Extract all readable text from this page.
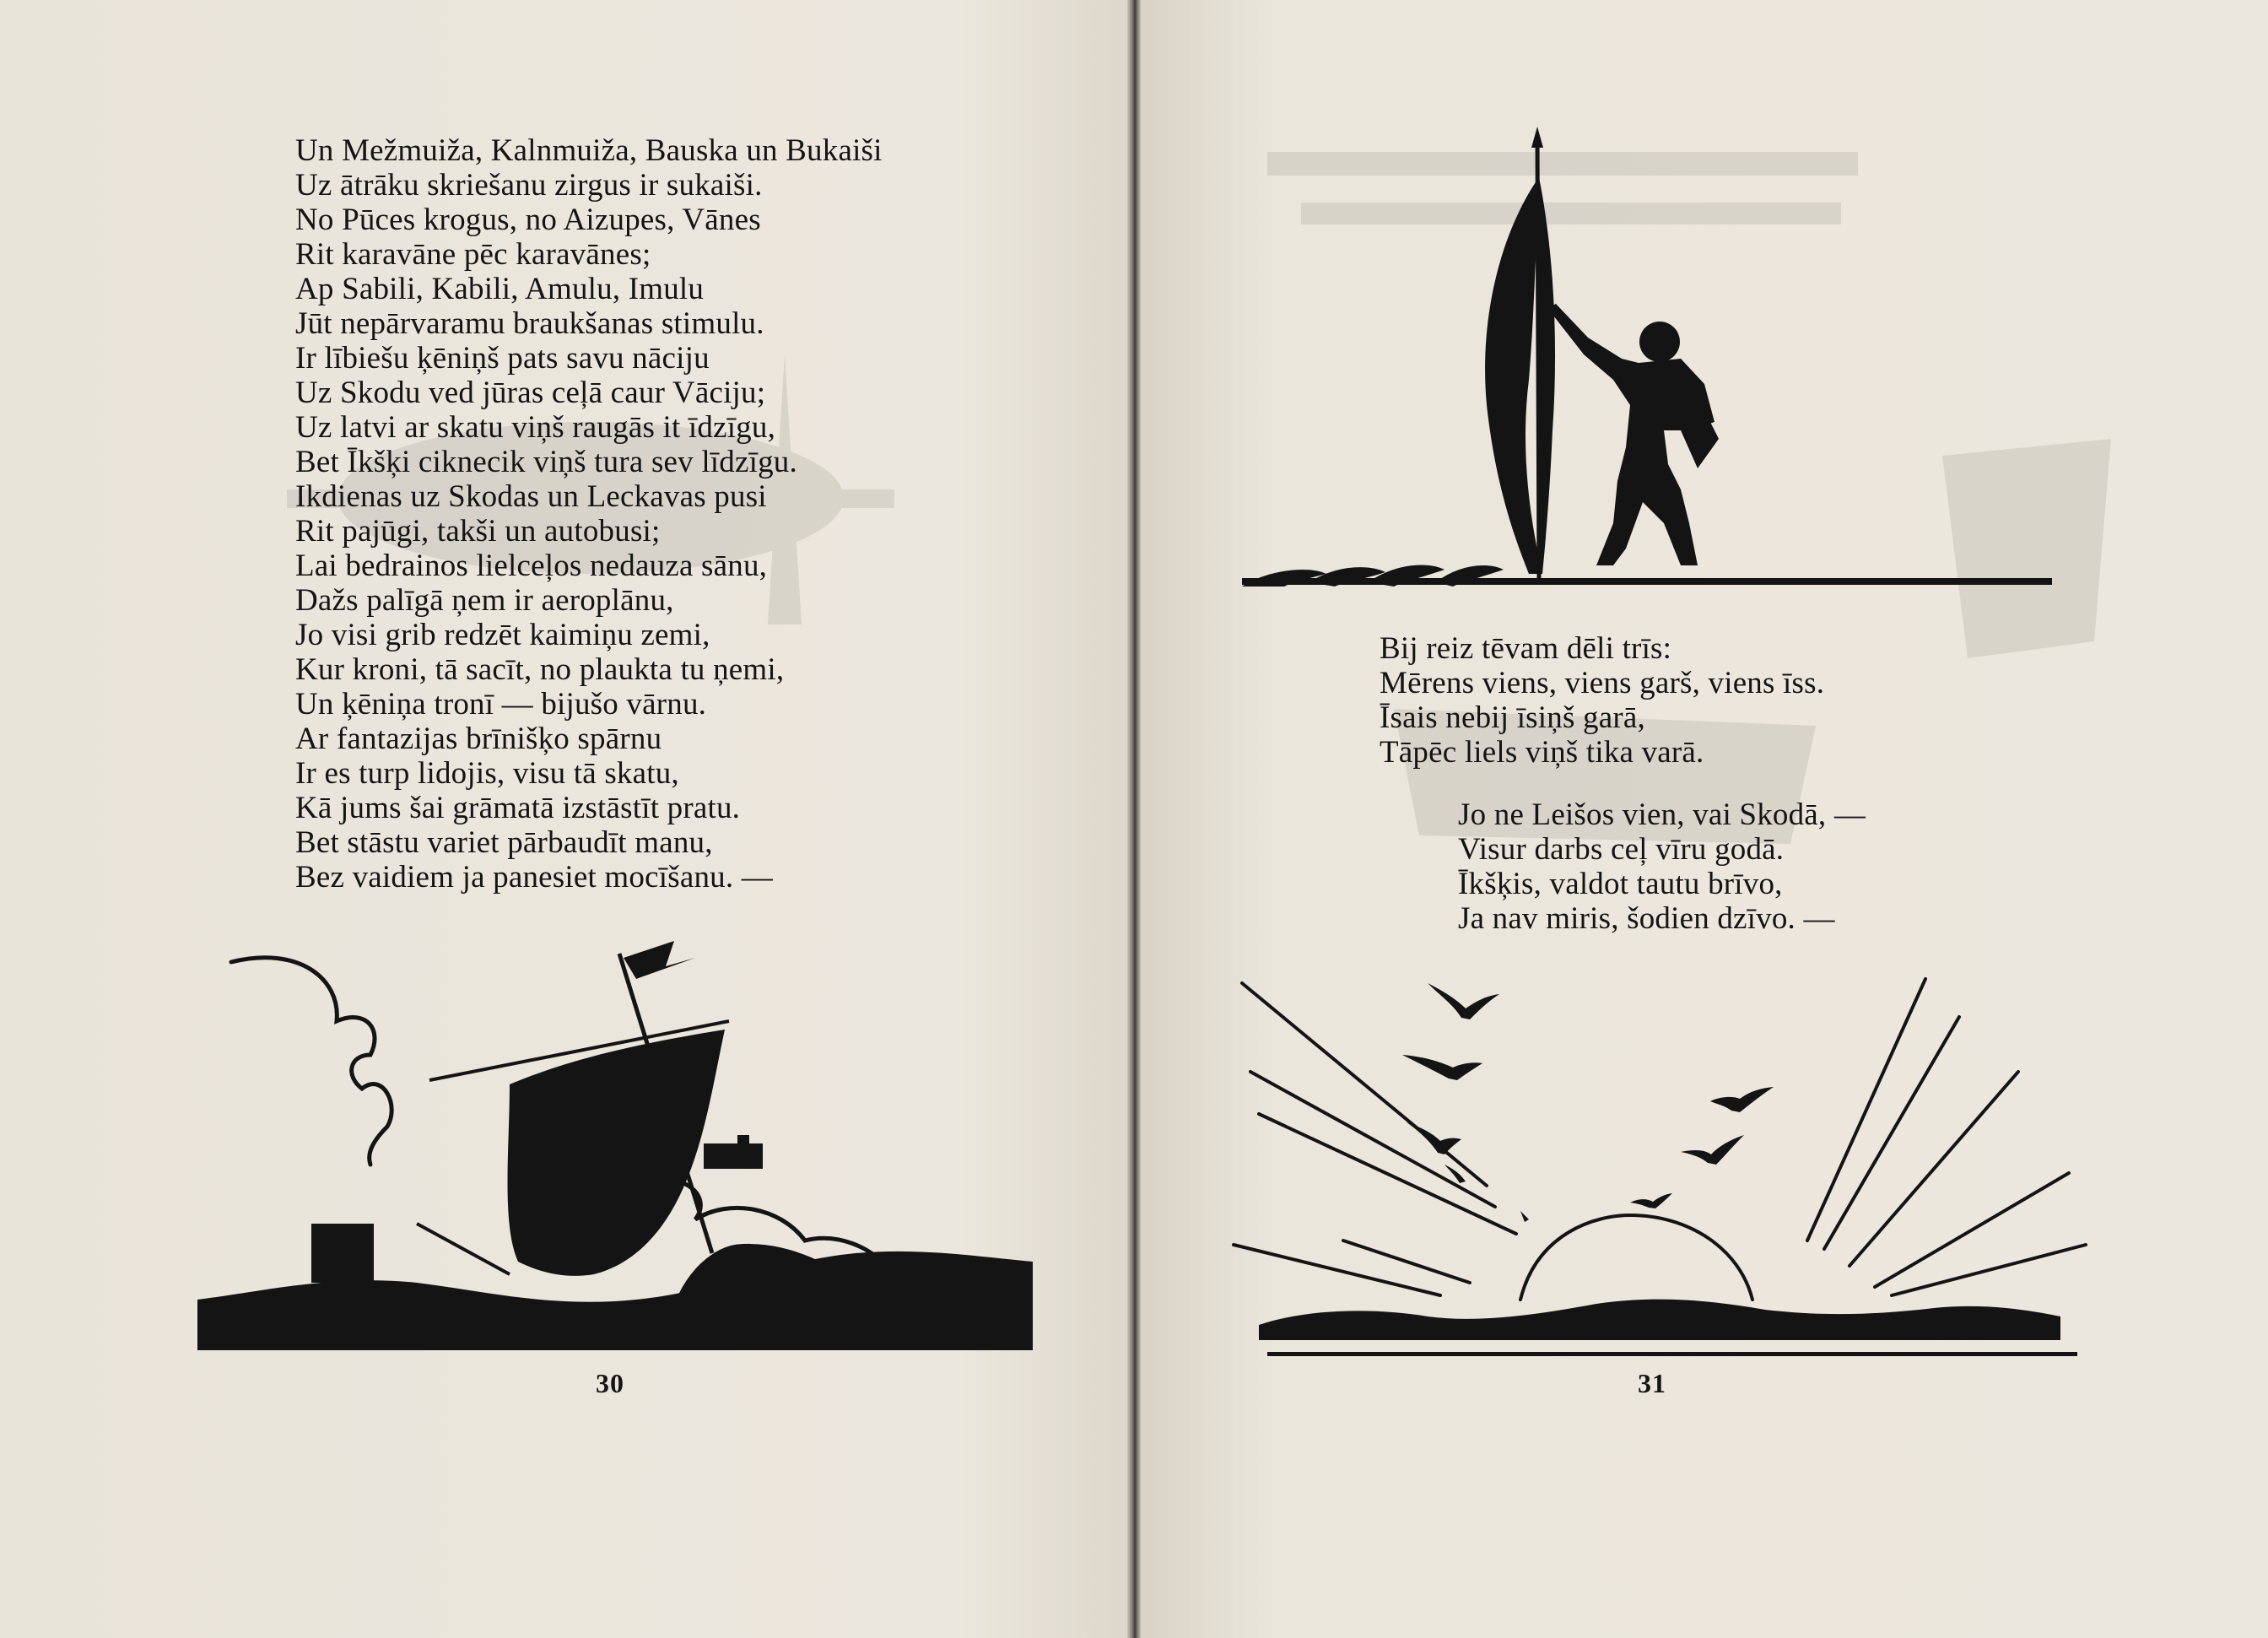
Un Mežmuiža, Kalnmuiža, Bauska un Bukaiši
Uz ātrāku skriešanu zirgus ir sukaiši.
No Pūces krogus, no Aizupes, Vānes
Rit karavāne pēc karavānes;
Ap Sabili, Kabili, Amulu, Imulu
Jūt nepārvaramu braukšanas stimulu.
Ir lībiešu ķēniņš pats savu nāciju
Uz Skodu ved jūras ceļā caur Vāciju;
Uz latvi ar skatu viņš raugās it īdzīgu,
Bet Īkšķi ciknecik viņš tura sev līdzīgu.
Ikdienas uz Skodas un Leckavas pusi
Rit pajūgi, takši un autobusi;
Lai bedrainos lielceļos nedauza sānu,
Dažs palīgā ņem ir aeroplānu,
Jo visi grib redzēt kaimiņu zemi,
Kur kroni, tā sacīt, no plaukta tu ņemi,
Un ķēniņa tronī — bijušo vārnu.
Ar fantazijas brīnišķo spārnu
Ir es turp lidojis, visu tā skatu,
Kā jums šai grāmatā izstāstīt pratu.
Bet stāstu variet pārbaudīt manu,
Bez vaidiem ja panesiet mocīšanu. —
30
Bij reiz tēvam dēli trīs:
Mērens viens, viens garš, viens īss.
Īsais nebij īsiņš garā,
Tāpēc liels viņš tika varā.
Jo ne Leišos vien, vai Skodā, —
Visur darbs ceļ vīru godā.
Īkšķis, valdot tautu brīvo,
Ja nav miris, šodien dzīvo. —
31
